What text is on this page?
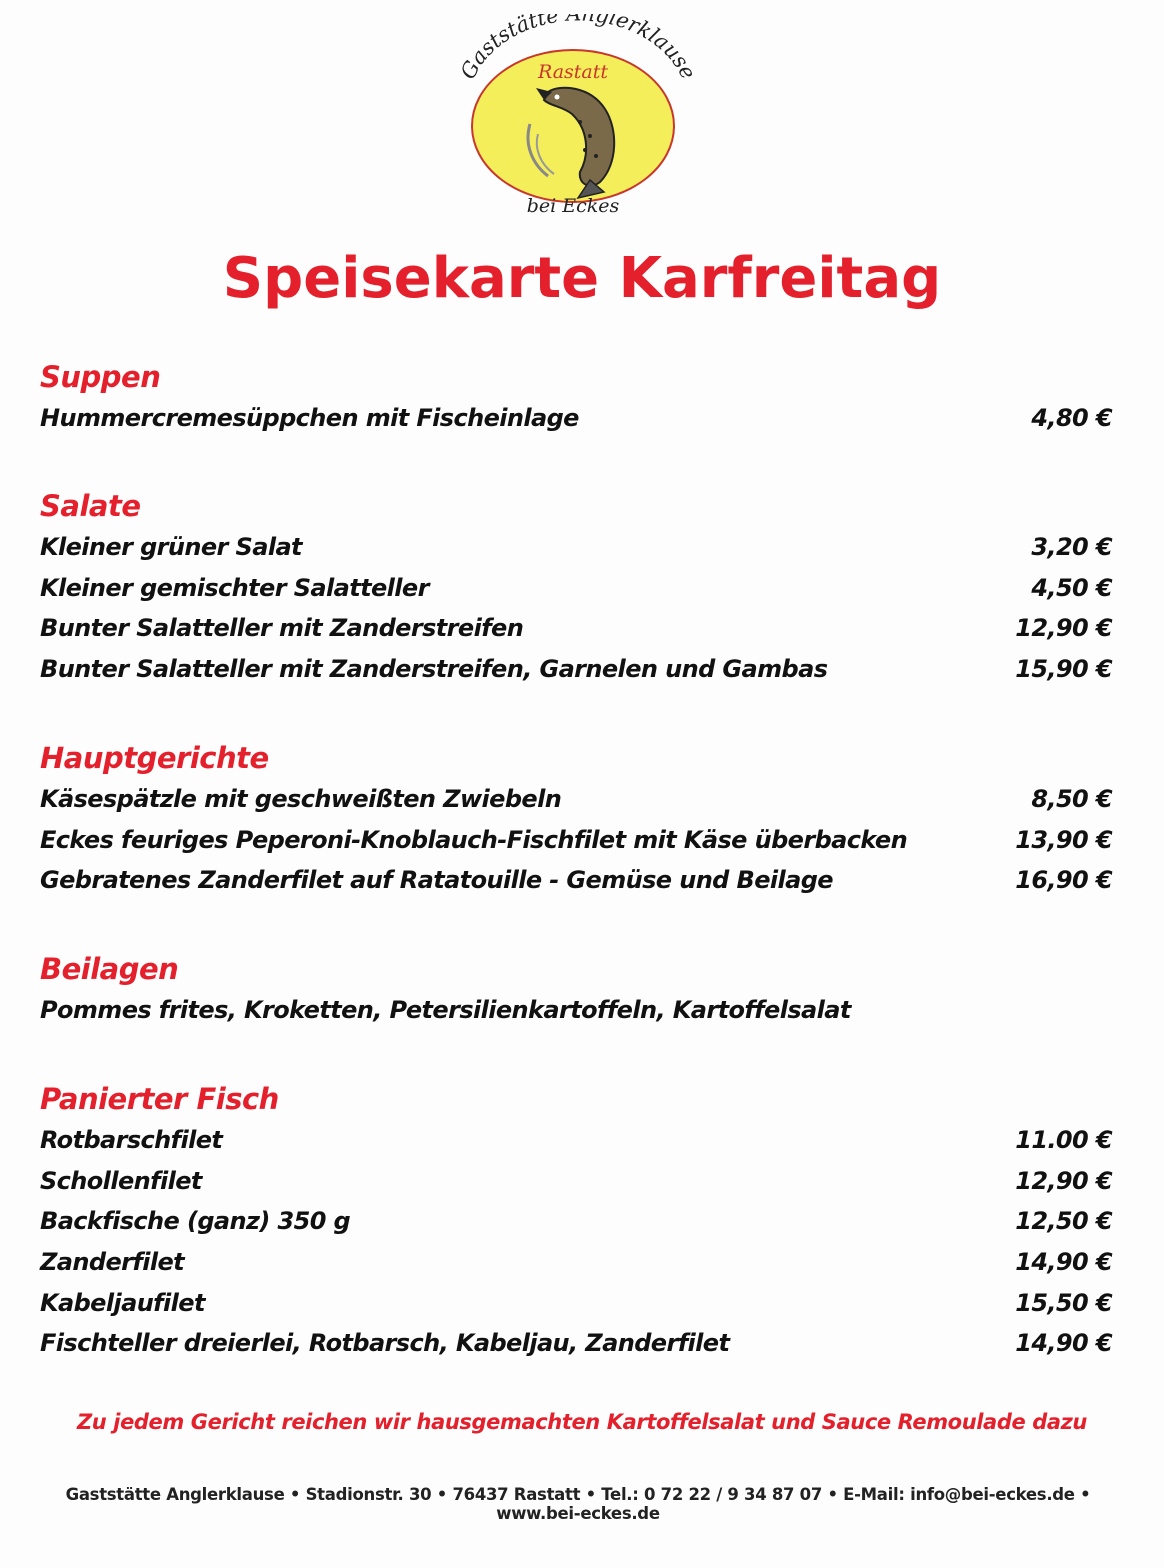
Gaststätte glerklause
Rastatt
bei Eckes
Speisekarte Karfreitag
Suppen
Hummercremesüppchen mit Fischeinlage	4,80 €
Salate
Kleiner grüner Salat	3,20 €
Kleiner gemischter Salatteller	4,50 €
Bunter Salatteller mit Zanderstreifen	12,90 €
Bunter Salatteller mit Zanderstreifen, Garnelen und Gambas	15,90 €
Hauptgerichte
Käsespätzle mit geschweißten Zwiebeln	8,50 €
Eckes feuriges Peperoni-Knoblauch-Fischfilet mit Käse überbacken	13,90 €
Gebratenes Zanderfilet auf Ratatouille - Gemüse und Beilage	16,90 €
Beilagen
Pommes frites, Kroketten, Petersilienkartoffeln, Kartoffelsalat
Panierter Fisch
Rotbarschfilet	11.00 €
Schollenfilet	12,90 €
Backfische (ganz) 350 g	12,50 €
Zanderfilet	14,90 €
Kabeljaufilet	15,50 €
Fischteller dreierlei, Rotbarsch, Kabeljau, Zanderfilet	14,90 €
Zu jedem Gericht reichen wir hausgemachten Kartoffelsalat und Sauce Remoulade dazu
Gaststätte Anglerklause • Stadionstr. 30 • 76437 Rastatt • Tel.: 0 72 22 / 9 34 87 07 • E-Mail: info@bei-eckes.de • www.bei-eckes.de
